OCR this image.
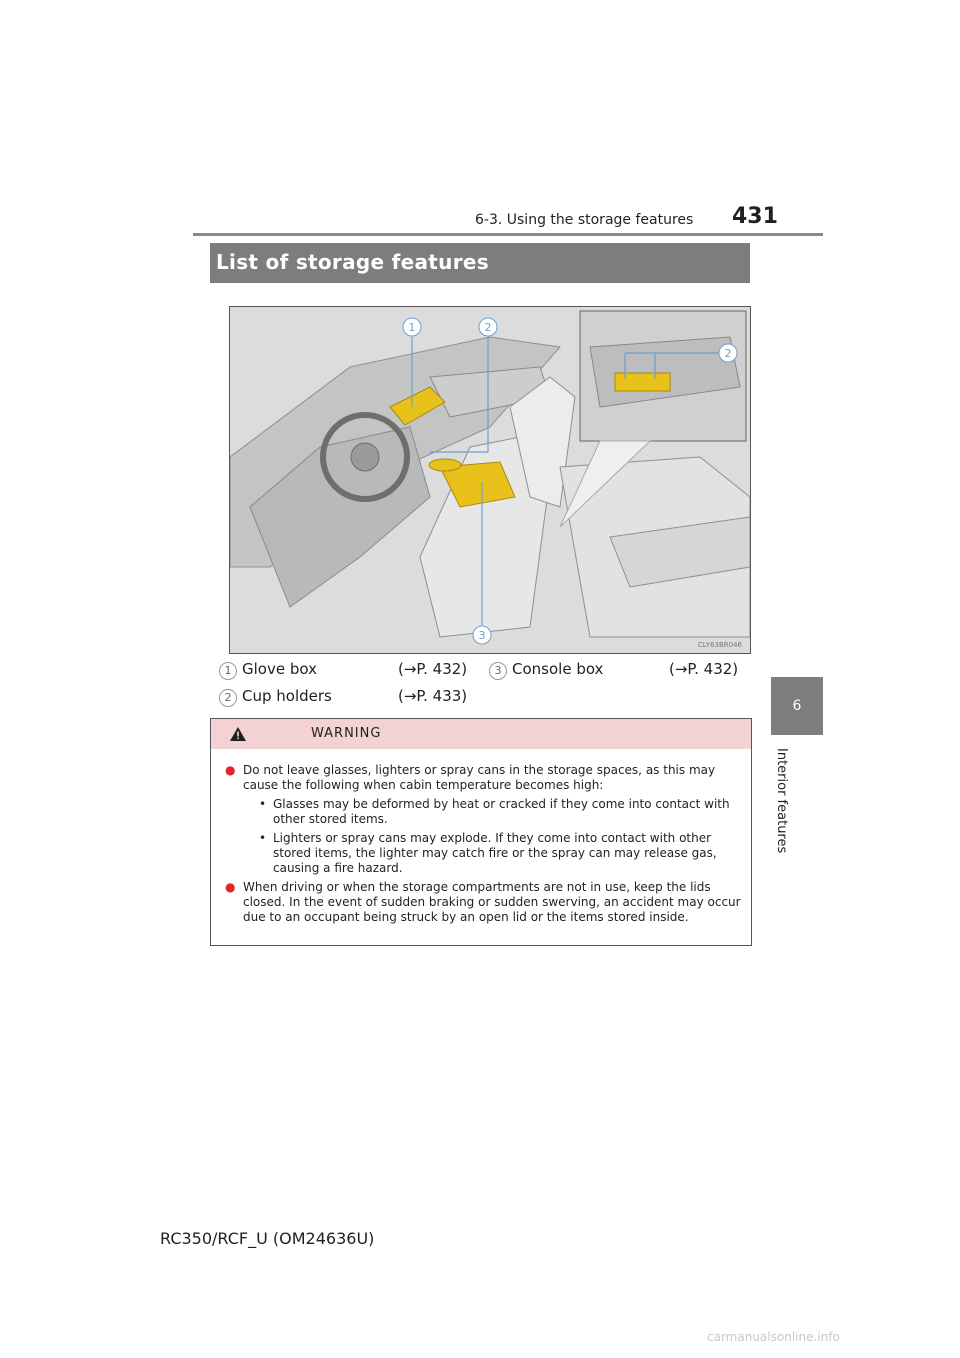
6-3. Using the storage features 431
6
Interior features
List of storage features
1	2
3
2
CLY63BR046
1 Glove box	(→P. 432)
2 Cup holders	(→P. 433)
3 Console box	(→P. 432)
WARNING
● Do not leave glasses, lighters or spray cans in the storage spaces, as this may cause the following when cabin temperature becomes high:
• Glasses may be deformed by heat or cracked if they come into contact with other stored items.
• Lighters or spray cans may explode. If they come into contact with other stored items, the lighter may catch fire or the spray can may release gas, causing a fire hazard.
● When driving or when the storage compartments are not in use, keep the lids closed. In the event of sudden braking or sudden swerving, an accident may occur due to an occupant being struck by an open lid or the items stored inside.
RC350/RCF_U (OM24636U)
carmanualsonline.info
